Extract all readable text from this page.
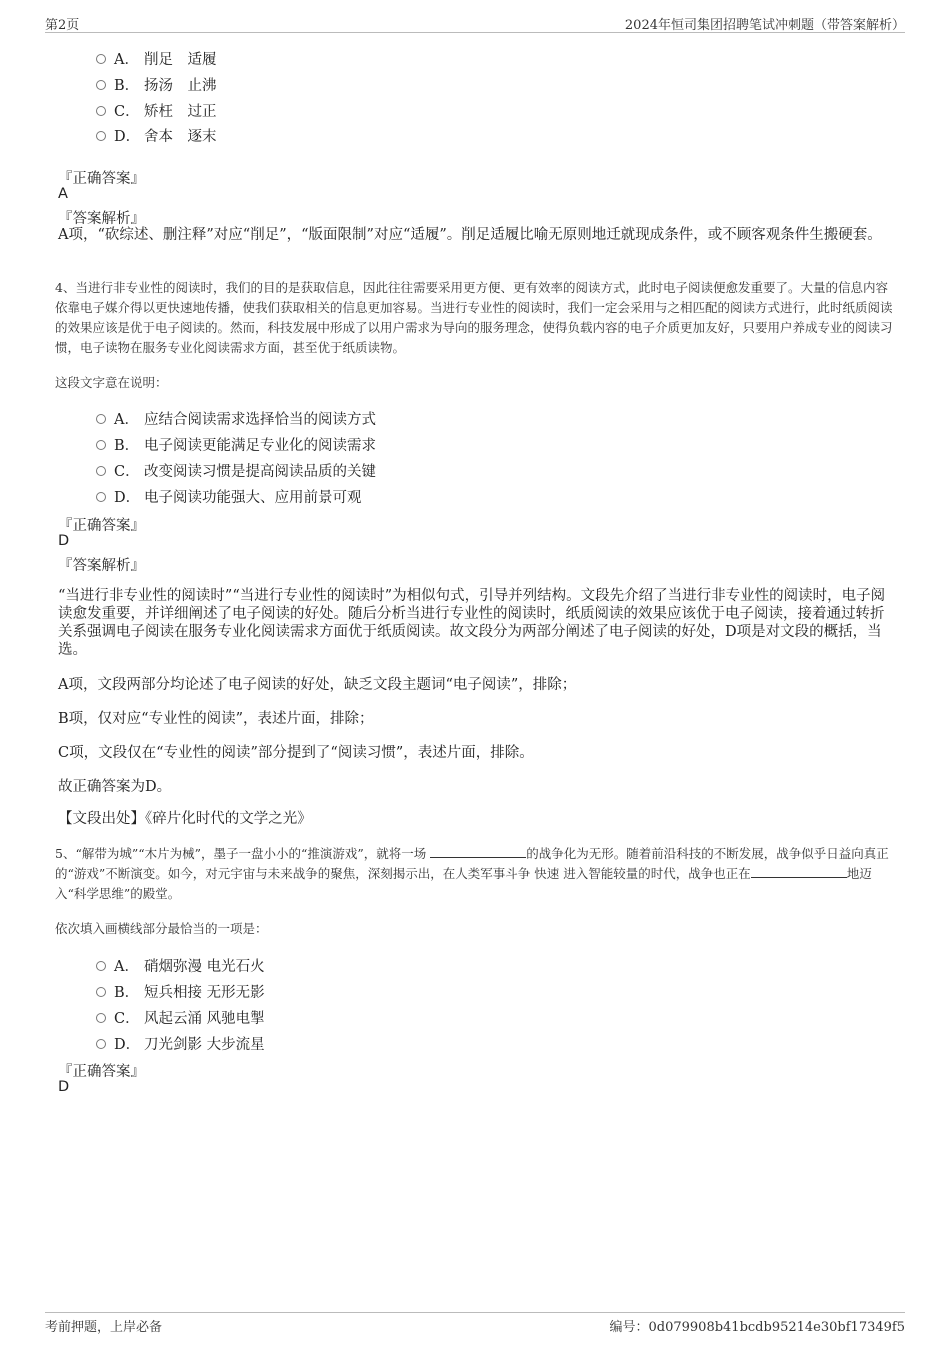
第2页	2024年恒司集团招聘笔试冲刺题（带答案解析）
A． 削足　适履
B． 扬汤　止沸
C． 矫枉　过正
D． 舍本　逐末
『正确答案』
A
『答案解析』
A项，“砍综述、删注释”对应“削足”，“版面限制”对应“适履”。削足适履比喻无原则地迁就现成条件，或不顾客观条件生搬硬套。
4、当进行非专业性的阅读时，我们的目的是获取信息，因此往往需要采用更方便、更有效率的阅读方式，此时电子阅读便愈发重要了。大量的信息内容依靠电子媒介得以更快速地传播，使我们获取相关的信息更加容易。当进行专业性的阅读时，我们一定会采用与之相匹配的阅读方式进行，此时纸质阅读的效果应该是优于电子阅读的。然而，科技发展中形成了以用户需求为导向的服务理念，使得负载内容的电子介质更加友好，只要用户养成专业的阅读习惯，电子读物在服务专业化阅读需求方面，甚至优于纸质读物。
这段文字意在说明：
A． 应结合阅读需求选择恰当的阅读方式
B． 电子阅读更能满足专业化的阅读需求
C． 改变阅读习惯是提高阅读品质的关键
D． 电子阅读功能强大、应用前景可观
『正确答案』
D
『答案解析』
“当进行非专业性的阅读时”“当进行专业性的阅读时”为相似句式，引导并列结构。文段先介绍了当进行非专业性的阅读时，电子阅读愈发重要，并详细阐述了电子阅读的好处。随后分析当进行专业性的阅读时，纸质阅读的效果应该优于电子阅读，接着通过转折关系强调电子阅读在服务专业化阅读需求方面优于纸质阅读。故文段分为两部分阐述了电子阅读的好处，D项是对文段的概括，当选。
A项，文段两部分均论述了电子阅读的好处，缺乏文段主题词“电子阅读”，排除；
B项，仅对应“专业性的阅读”，表述片面，排除；
C项，文段仅在“专业性的阅读”部分提到了“阅读习惯”，表述片面，排除。
故正确答案为D。
【文段出处】《碎片化时代的文学之光》
5、“解带为城”“木片为械”，墨子一盘小小的“推演游戏”，就将一场	的战争化为无形。随着前沿科技的不断发展，战争似乎日益向真正的“游戏”不断演变。如今，对元宇宙与未来战争的聚焦，深刻揭示出，在人类军事斗争 快速 进入智能较量的时代，战争也正在	地迈入“科学思维”的殿堂。
依次填入画横线部分最恰当的一项是：
A． 硝烟弥漫 电光石火
B． 短兵相接 无形无影
C． 风起云涌 风驰电掣
D． 刀光剑影 大步流星
『正确答案』
D
考前押题，上岸必备	编号：0d079908b41bcdb95214e30bf17349f5
